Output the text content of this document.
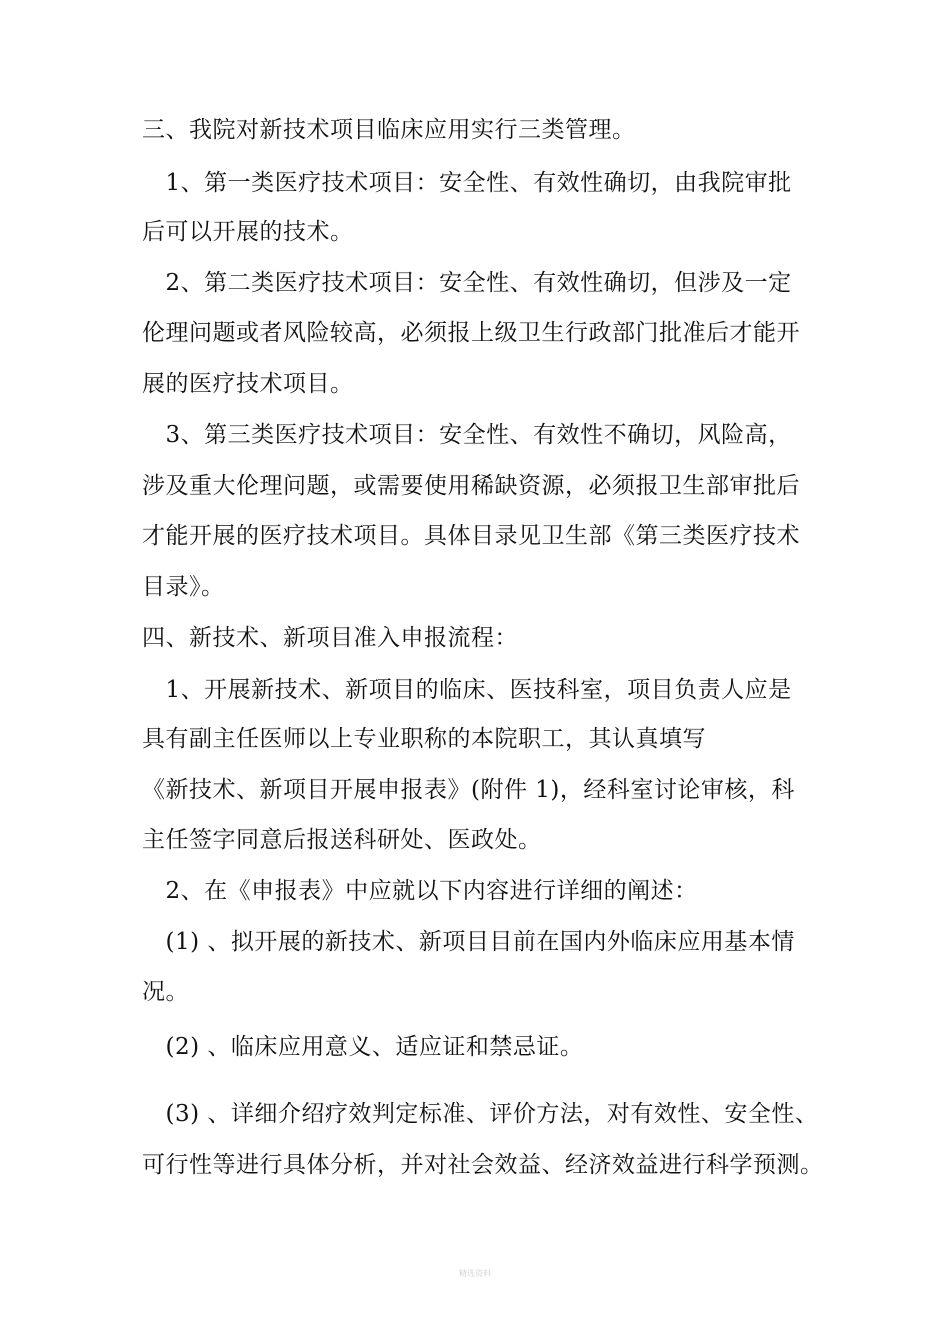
三、我院对新技术项目临床应用实行三类管理。
　1、第一类医疗技术项目：安全性、有效性确切，由我院审批
后可以开展的技术。
　2、第二类医疗技术项目：安全性、有效性确切，但涉及一定
伦理问题或者风险较高，必须报上级卫生行政部门批准后才能开
展的医疗技术项目。
　3、第三类医疗技术项目：安全性、有效性不确切，风险高，
涉及重大伦理问题，或需要使用稀缺资源，必须报卫生部审批后
才能开展的医疗技术项目。具体目录见卫生部《第三类医疗技术
目录》。
四、新技术、新项目准入申报流程：
　1、开展新技术、新项目的临床、医技科室，项目负责人应是
具有副主任医师以上专业职称的本院职工，其认真填写
《新技术、新项目开展申报表》(附件 1)，经科室讨论审核，科
主任签字同意后报送科研处、医政处。
　2、在《申报表》中应就以下内容进行详细的阐述：
　(1) 、拟开展的新技术、新项目目前在国内外临床应用基本情
况。
　(2) 、临床应用意义、适应证和禁忌证。
　(3) 、详细介绍疗效判定标准、评价方法，对有效性、安全性、
可行性等进行具体分析，并对社会效益、经济效益进行科学预测。
精选资料
